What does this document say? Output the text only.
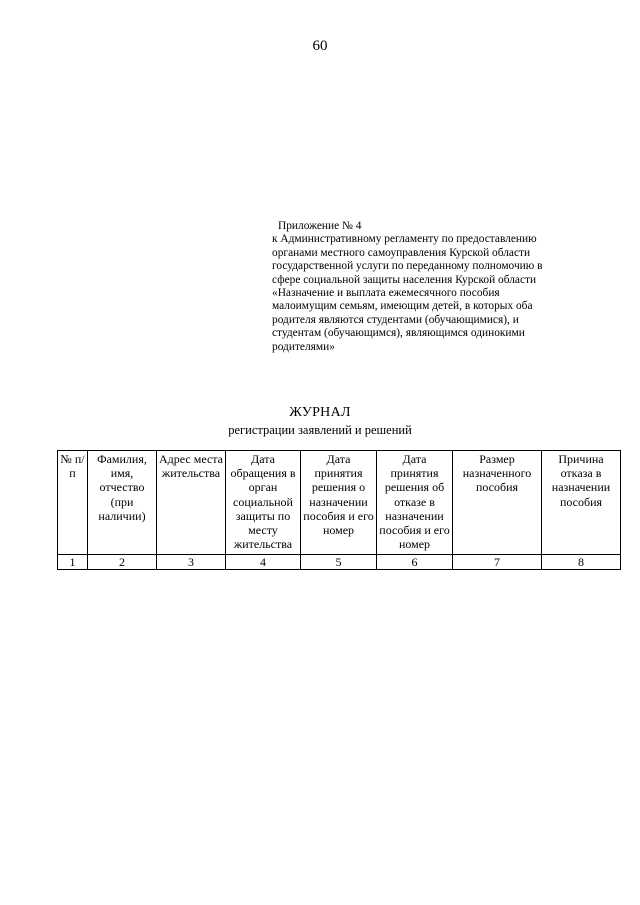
60
Приложение № 4
к Административному регламенту по предоставлению
органами местного самоуправления Курской области
государственной услуги по переданному полномочию в
сфере социальной защиты населения Курской области
«Назначение и выплата ежемесячного пособия
малоимущим семьям, имеющим детей, в которых оба
родителя являются студентами (обучающимися), и
студентам (обучающимся), являющимся одинокими
родителями»
ЖУРНАЛ
регистрации заявлений и решений
№ п/п	Фамилия, имя, отчество (при наличии)	Адрес места жительства	Дата обращения в орган социальной защиты по месту жительства	Дата принятия решения о назначении пособия и его номер	Дата принятия решения об отказе в назначении пособия и его номер	Размер назначенного пособия	Причина отказа в назначении пособия
1	2	3	4	5	6	7	8
